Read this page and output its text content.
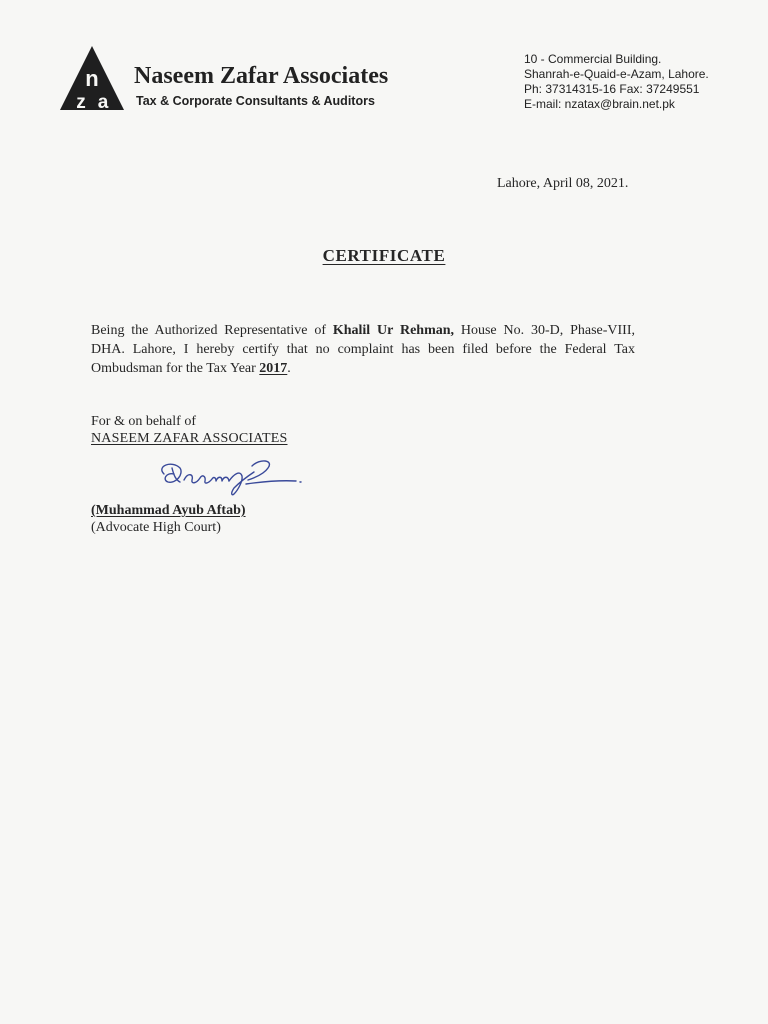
n
z a
Naseem Zafar Associates
Tax & Corporate Consultants & Auditors
10 - Commercial Building.
Shanrah-e-Quaid-e-Azam, Lahore.
Ph: 37314315-16 Fax: 37249551
E-mail: nzatax@brain.net.pk
Lahore, April 08, 2021.
CERTIFICATE
Being the Authorized Representative of Khalil Ur Rehman, House No. 30-D, Phase-VIII, DHA. Lahore, I hereby certify that no complaint has been filed before the Federal Tax Ombudsman for the Tax Year 2017.
For & on behalf of
NASEEM ZAFAR ASSOCIATES
(Muhammad Ayub Aftab)
(Advocate High Court)
